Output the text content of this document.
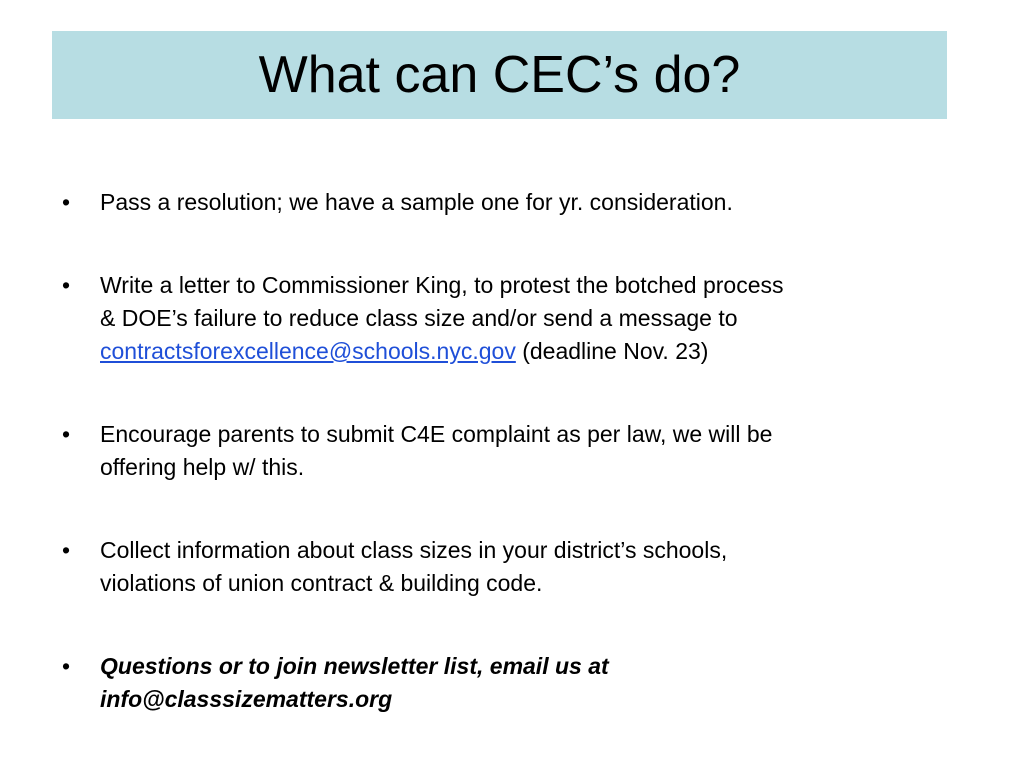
What can CEC’s do?
•	Pass a resolution; we have a sample one for yr. consideration.
•	Write a letter to Commissioner King, to protest the botched process
& DOE’s failure to reduce class size and/or send a message to
contractsforexcellence@schools.nyc.gov (deadline Nov. 23)
•	Encourage parents to submit C4E complaint as per law, we will be
offering help w/ this.
•	Collect information about class sizes in your district’s schools,
violations of union contract & building code.
•	Questions or to join newsletter list, email us at
info@classsizematters.org
